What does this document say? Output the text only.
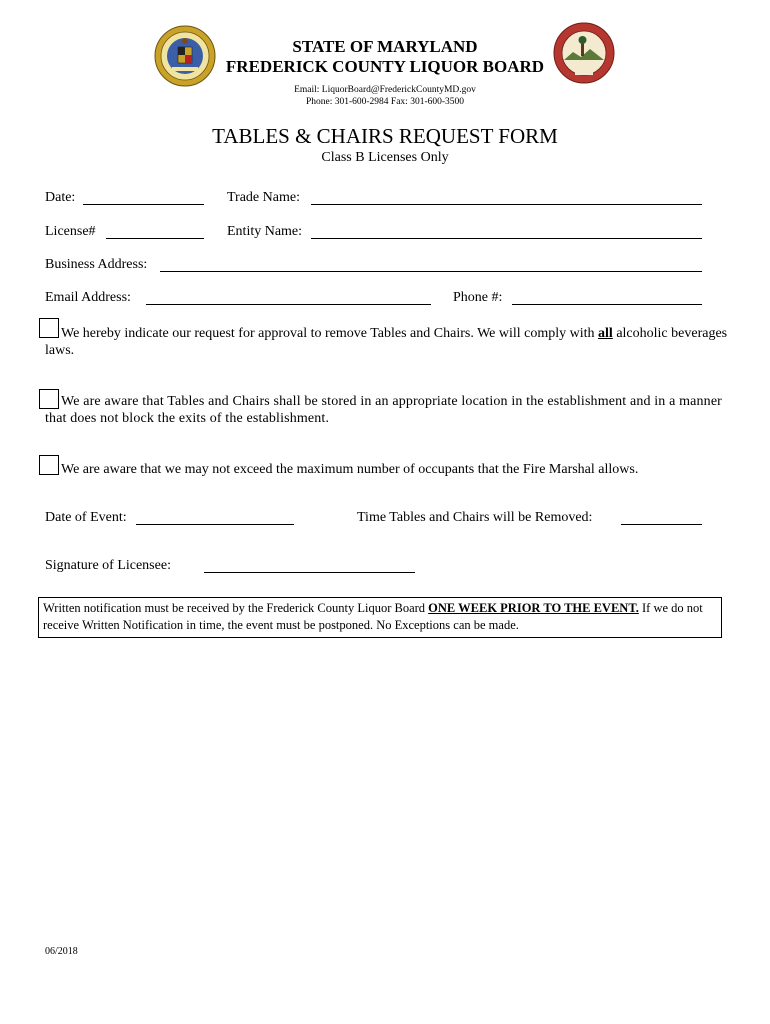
STATE OF MARYLAND
FREDERICK COUNTY LIQUOR BOARD
Email: LiquorBoard@FrederickCountyMD.gov
Phone: 301-600-2984 Fax: 301-600-3500
TABLES & CHAIRS REQUEST FORM
Class B Licenses Only
Date:	Trade Name:
License#	Entity Name:
Business Address:
Email Address:	Phone #:
We hereby indicate our request for approval to remove Tables and Chairs. We will comply with all alcoholic beverages laws.
We are aware that Tables and Chairs shall be stored in an appropriate location in the establishment and in a manner that does not block the exits of the establishment.
We are aware that we may not exceed the maximum number of occupants that the Fire Marshal allows.
Date of Event:	Time Tables and Chairs will be Removed:
Signature of Licensee:
Written notification must be received by the Frederick County Liquor Board ONE WEEK PRIOR TO THE EVENT. If we do not receive Written Notification in time, the event must be postponed. No Exceptions can be made.
06/2018
